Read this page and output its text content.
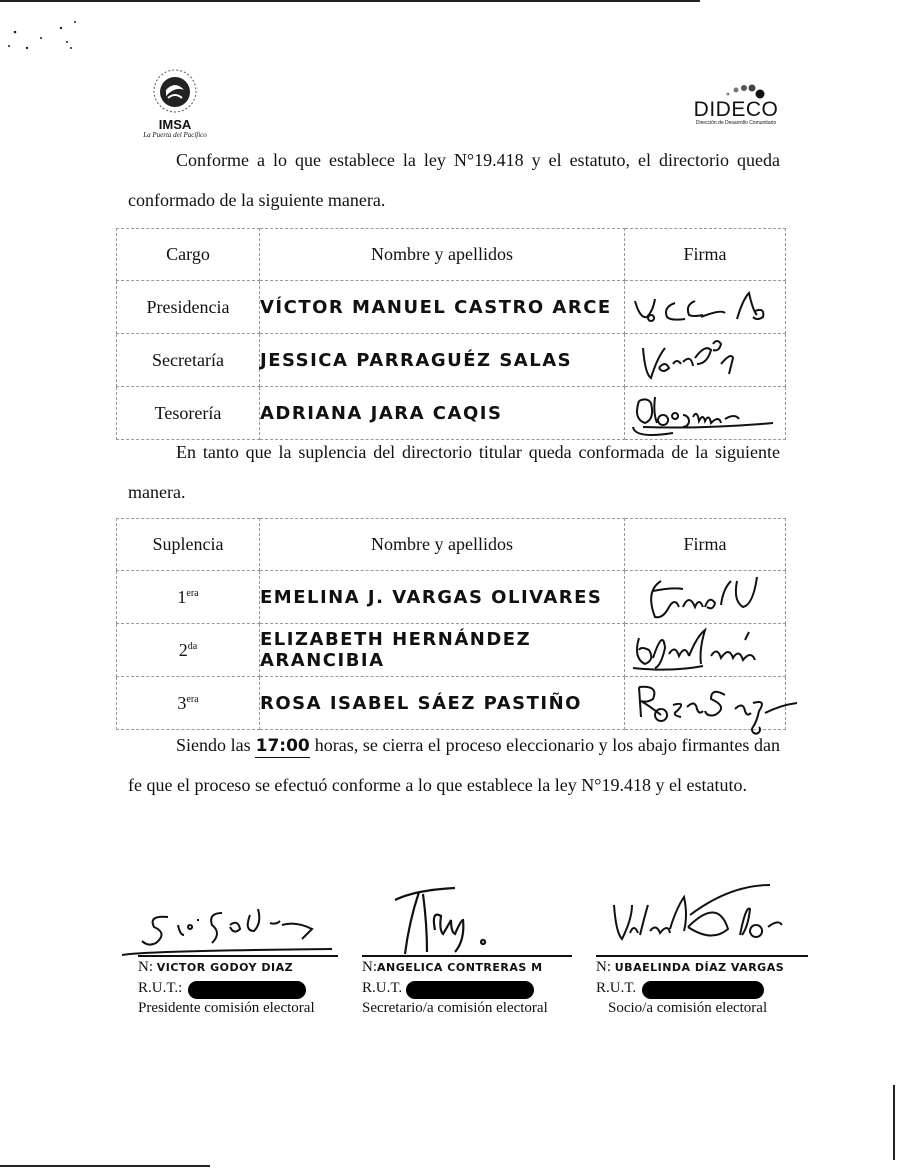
IMSA
La Puerta del Pacífico
DIDECO
Dirección de Desarrollo Comunitario
Conforme a lo que establece la ley N°19.418 y el estatuto, el directorio queda conformado de la siguiente manera.
Cargo	Nombre y apellidos	Firma
Presidencia	VÍCTOR MANUEL CASTRO ARCE	

Secretaría	JESSICA PARRAGUÉZ SALAS	

Tesorería	ADRIANA JARA CAQIS	
En tanto que la suplencia del directorio titular queda conformada de la siguiente manera.
Suplencia	Nombre y apellidos	Firma
$1^{era}$	EMELINA J. VARGAS OLIVARES	

$2^{da}$	ELIZABETH HERNÁNDEZ ARANCIBIA	

$3^{era}$	ROSA ISABEL SÁEZ PASTIÑO	
Siendo las 17:00 horas, se cierra el proceso eleccionario y los abajo firmantes dan fe que el proceso se efectuó conforme a lo que establece la ley N°19.418 y el estatuto.
N: VICTOR GODOY DIAZ
R.U.T.:
Presidente comisión electoral
N:ANGELICA CONTRERAS M
R.U.T.
Secretario/a comisión electoral
N: UBAELINDA DÍAZ VARGAS
R.U.T.
Socio/a comisión electoral
